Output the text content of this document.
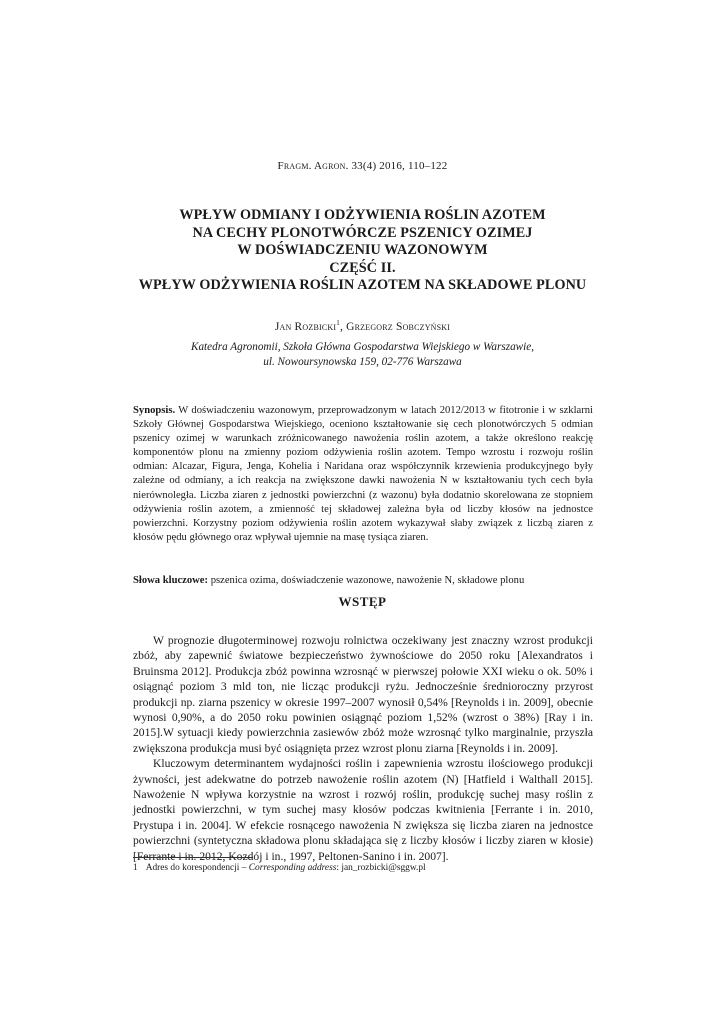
Fragm. Agron. 33(4) 2016, 110–122
WPŁYW ODMIANY I ODŻYWIENIA ROŚLIN AZOTEM
NA CECHY PLONOTWÓRCZE PSZENICY OZIMEJ
W DOŚWIADCZENIU WAZONOWYM
CZĘŚĆ II.
WPŁYW ODŻYWIENIA ROŚLIN AZOTEM NA SKŁADOWE PLONU
Jan Rozbicki$^1$, Grzegorz Sobczyński
Katedra Agronomii, Szkoła Główna Gospodarstwa Wiejskiego w Warszawie,
ul. Nowoursynowska 159, 02-776 Warszawa
Synopsis. W doświadczeniu wazonowym, przeprowadzonym w latach 2012/2013 w fitotronie i w szklarni Szkoły Głównej Gospodarstwa Wiejskiego, oceniono kształtowanie się cech plonotwórczych 5 odmian pszenicy ozimej w warunkach zróżnicowanego nawożenia roślin azotem, a także określono reakcję komponentów plonu na zmienny poziom odżywienia roślin azotem. Tempo wzrostu i rozwoju roślin odmian: Alcazar, Figura, Jenga, Kohelia i Naridana oraz współczynnik krzewienia produkcyjnego były zależne od odmiany, a ich reakcja na zwiększone dawki nawożenia N w kształtowaniu tych cech była nierównoległa. Liczba ziaren z jednostki powierzchni (z wazonu) była dodatnio skorelowana ze stopniem odżywienia roślin azotem, a zmienność tej składowej zależna była od liczby kłosów na jednostce powierzchni. Korzystny poziom odżywienia roślin azotem wykazywał słaby związek z liczbą ziaren z kłosów pędu głównego oraz wpływał ujemnie na masę tysiąca ziaren.
Słowa kluczowe: pszenica ozima, doświadczenie wazonowe, nawożenie N, składowe plonu
WSTĘP

W prognozie długoterminowej rozwoju rolnictwa oczekiwany jest znaczny wzrost produkcji zbóż, aby zapewnić światowe bezpieczeństwo żywnościowe do 2050 roku [Alexandratos i Bruinsma 2012]. Produkcja zbóż powinna wzrosnąć w pierwszej połowie XXI wieku o ok. 50% i osiągnąć poziom 3 mld ton, nie licząc produkcji ryżu. Jednocześnie średnioroczny przyrost produkcji np. ziarna pszenicy w okresie 1997–2007 wynosił 0,54% [Reynolds i in. 2009], obecnie wynosi 0,90%, a do 2050 roku powinien osiągnąć poziom 1,52% (wzrost o 38%) [Ray i in. 2015].W sytuacji kiedy powierzchnia zasiewów zbóż może wzrosnąć tylko marginalnie, przyszła zwiększona produkcja musi być osiągnięta przez wzrost plonu ziarna [Reynolds i in. 2009].

Kluczowym determinantem wydajności roślin i zapewnienia wzrostu ilościowego produkcji żywności, jest adekwatne do potrzeb nawożenie roślin azotem (N) [Hatfield i Walthall 2015]. Nawożenie N wpływa korzystnie na wzrost i rozwój roślin, produkcję suchej masy roślin z jednostki powierzchni, w tym suchej masy kłosów podczas kwitnienia [Ferrante i in. 2010, Prystupa i in. 2004]. W efekcie rosnącego nawożenia N zwiększa się liczba ziaren na jednostce powierzchni (syntetyczna składowa plonu składająca się z liczby kłosów i liczby ziaren w kłosie) [Ferrante i in. 2012, Kozdój i in., 1997, Peltonen-Sanino i in. 2007].

1 Adres do korespondencji – Corresponding address: jan_rozbicki@sggw.pl
